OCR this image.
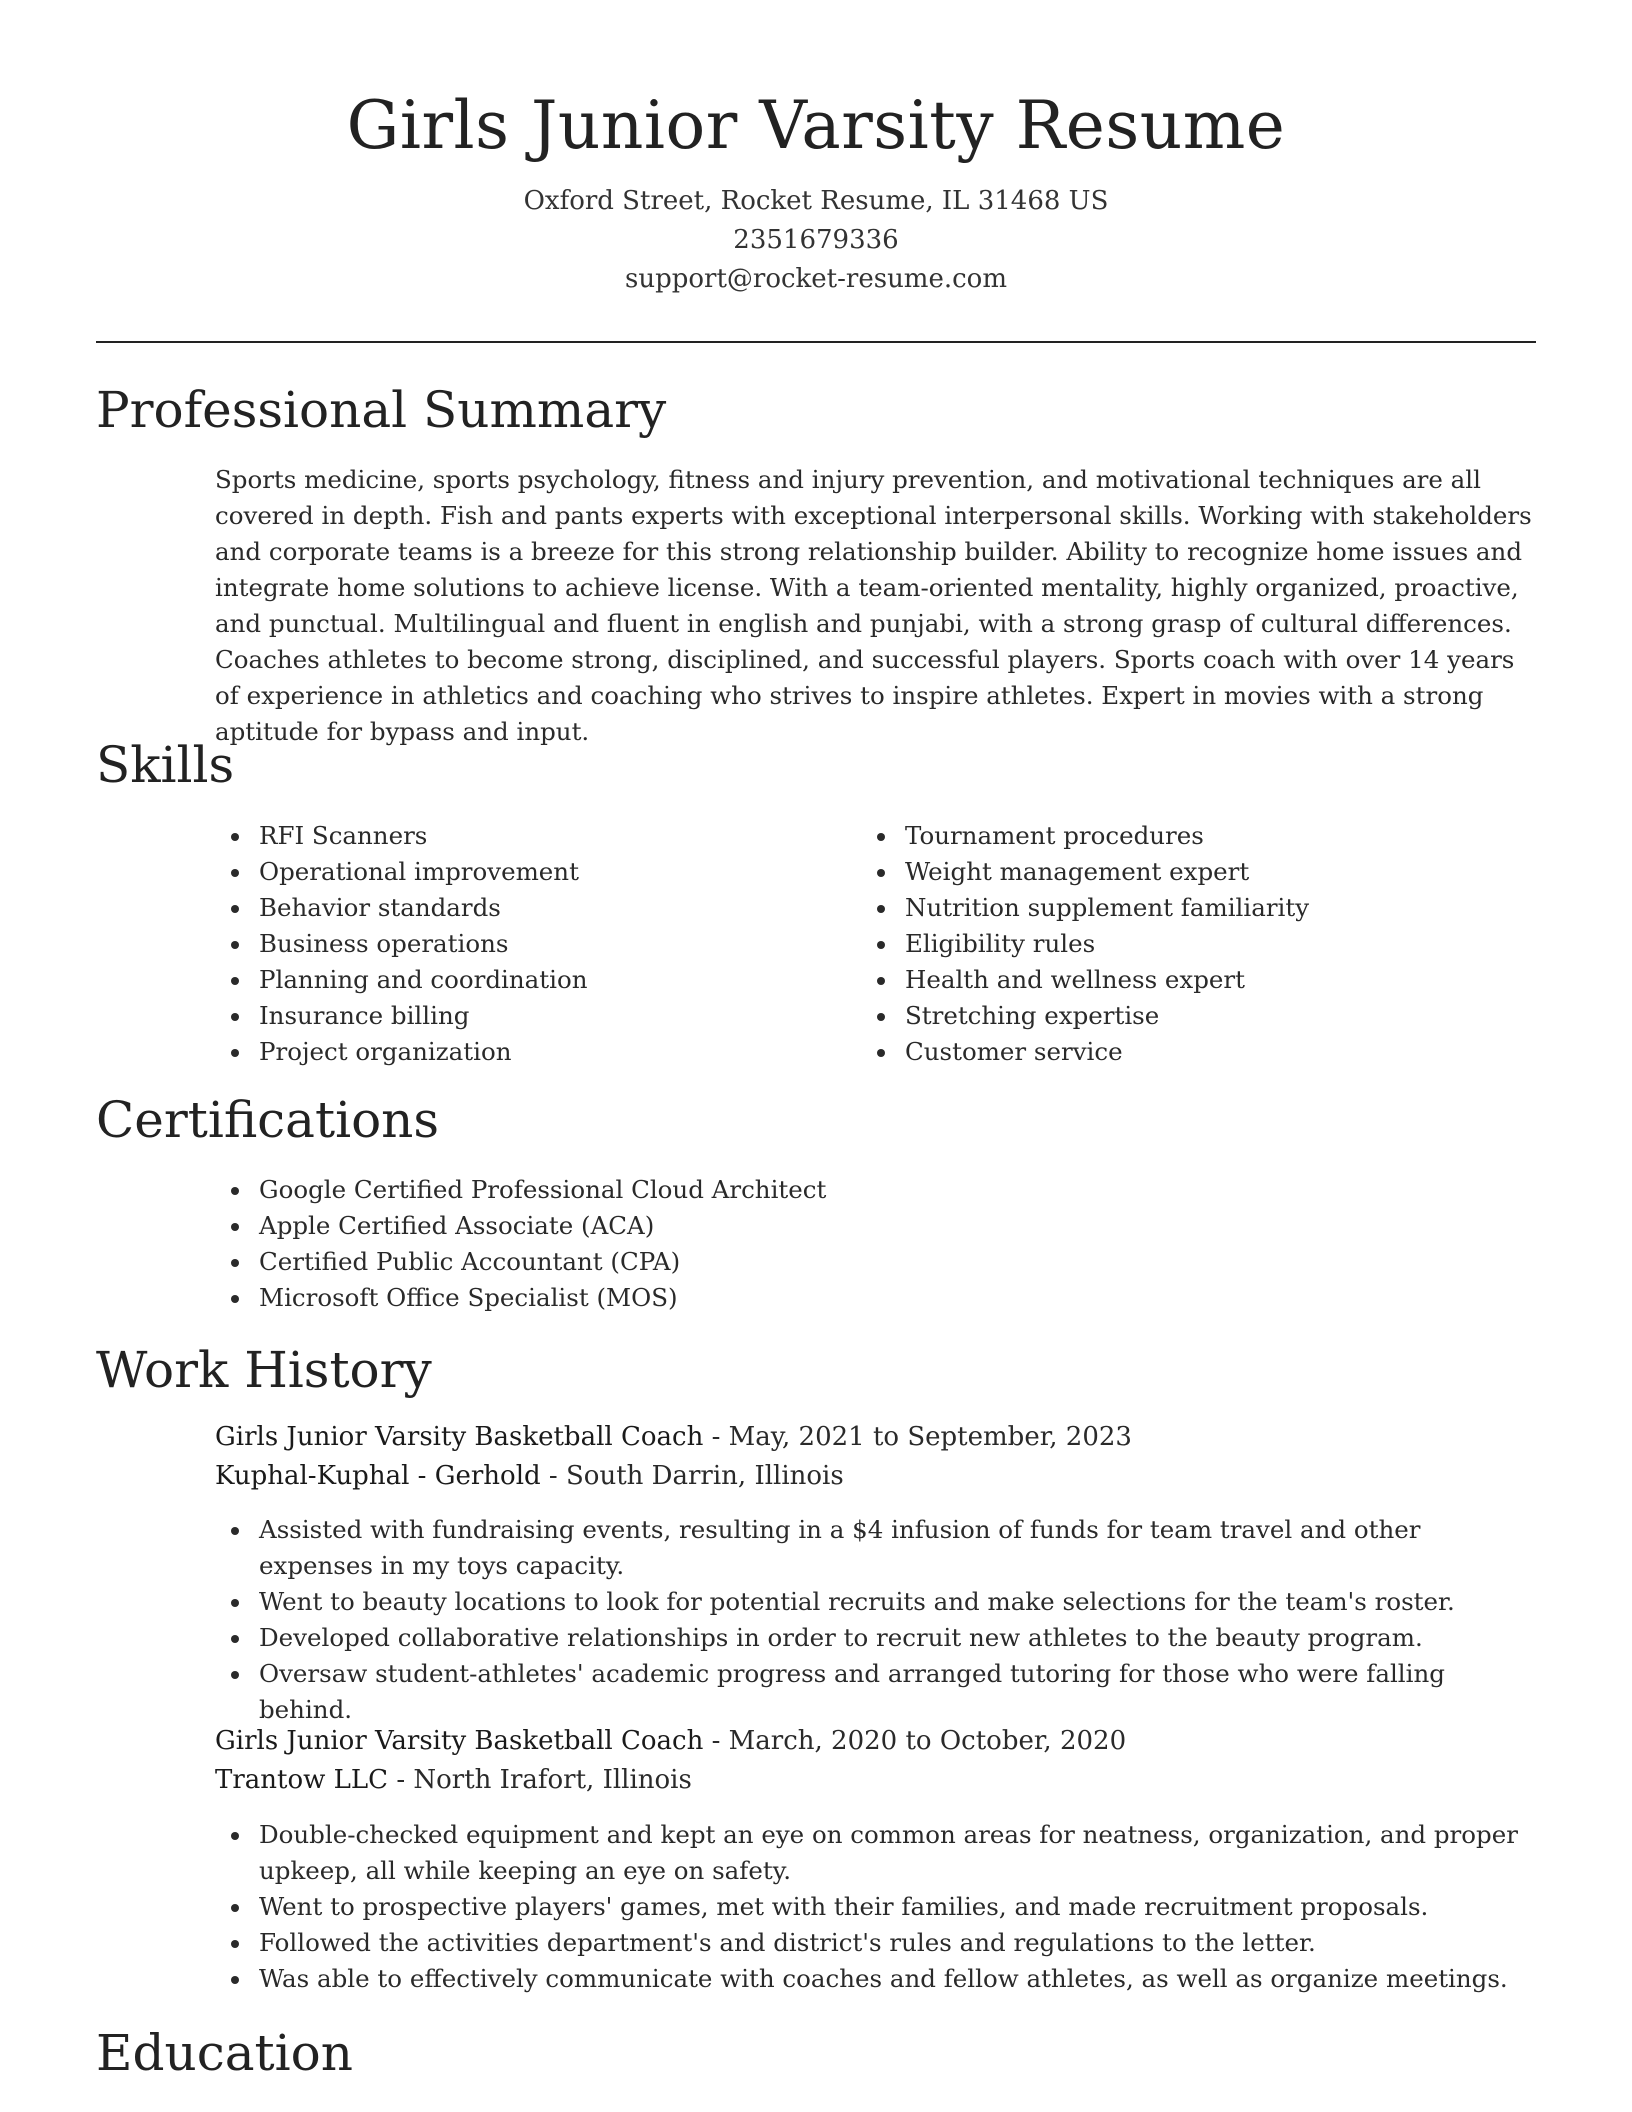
Girls Junior Varsity Resume
Oxford Street, Rocket Resume, IL 31468 US
2351679336
support@rocket-resume.com
Professional Summary

Sports medicine, sports psychology, fitness and injury prevention, and motivational techniques are all covered in depth. Fish and pants experts with exceptional interpersonal skills. Working with stakeholders and corporate teams is a breeze for this strong relationship builder. Ability to recognize home issues and integrate home solutions to achieve license. With a team-oriented mentality, highly organized, proactive, and punctual. Multilingual and fluent in english and punjabi, with a strong grasp of cultural differences. Coaches athletes to become strong, disciplined, and successful players. Sports coach with over 14 years of experience in athletics and coaching who strives to inspire athletes. Expert in movies with a strong aptitude for bypass and input.

Skills
RFI Scanners
Operational improvement
Behavior standards
Business operations
Planning and coordination
Insurance billing
Project organization
Tournament procedures
Weight management expert
Nutrition supplement familiarity
Eligibility rules
Health and wellness expert
Stretching expertise
Customer service
Certifications
Google Certified Professional Cloud Architect
Apple Certified Associate (ACA)
Certified Public Accountant (CPA)
Microsoft Office Specialist (MOS)
Work History
Girls Junior Varsity Basketball Coach - May, 2021 to September, 2023
Kuphal-Kuphal - Gerhold - South Darrin, Illinois
Assisted with fundraising events, resulting in a $4 infusion of funds for team travel and other expenses in my toys capacity.
Went to beauty locations to look for potential recruits and make selections for the team's roster.
Developed collaborative relationships in order to recruit new athletes to the beauty program.
Oversaw student-athletes' academic progress and arranged tutoring for those who were falling behind.
Girls Junior Varsity Basketball Coach - March, 2020 to October, 2020
Trantow LLC - North Irafort, Illinois
Double-checked equipment and kept an eye on common areas for neatness, organization, and proper upkeep, all while keeping an eye on safety.
Went to prospective players' games, met with their families, and made recruitment proposals.
Followed the activities department's and district's rules and regulations to the letter.
Was able to effectively communicate with coaches and fellow athletes, as well as organize meetings.
Education
